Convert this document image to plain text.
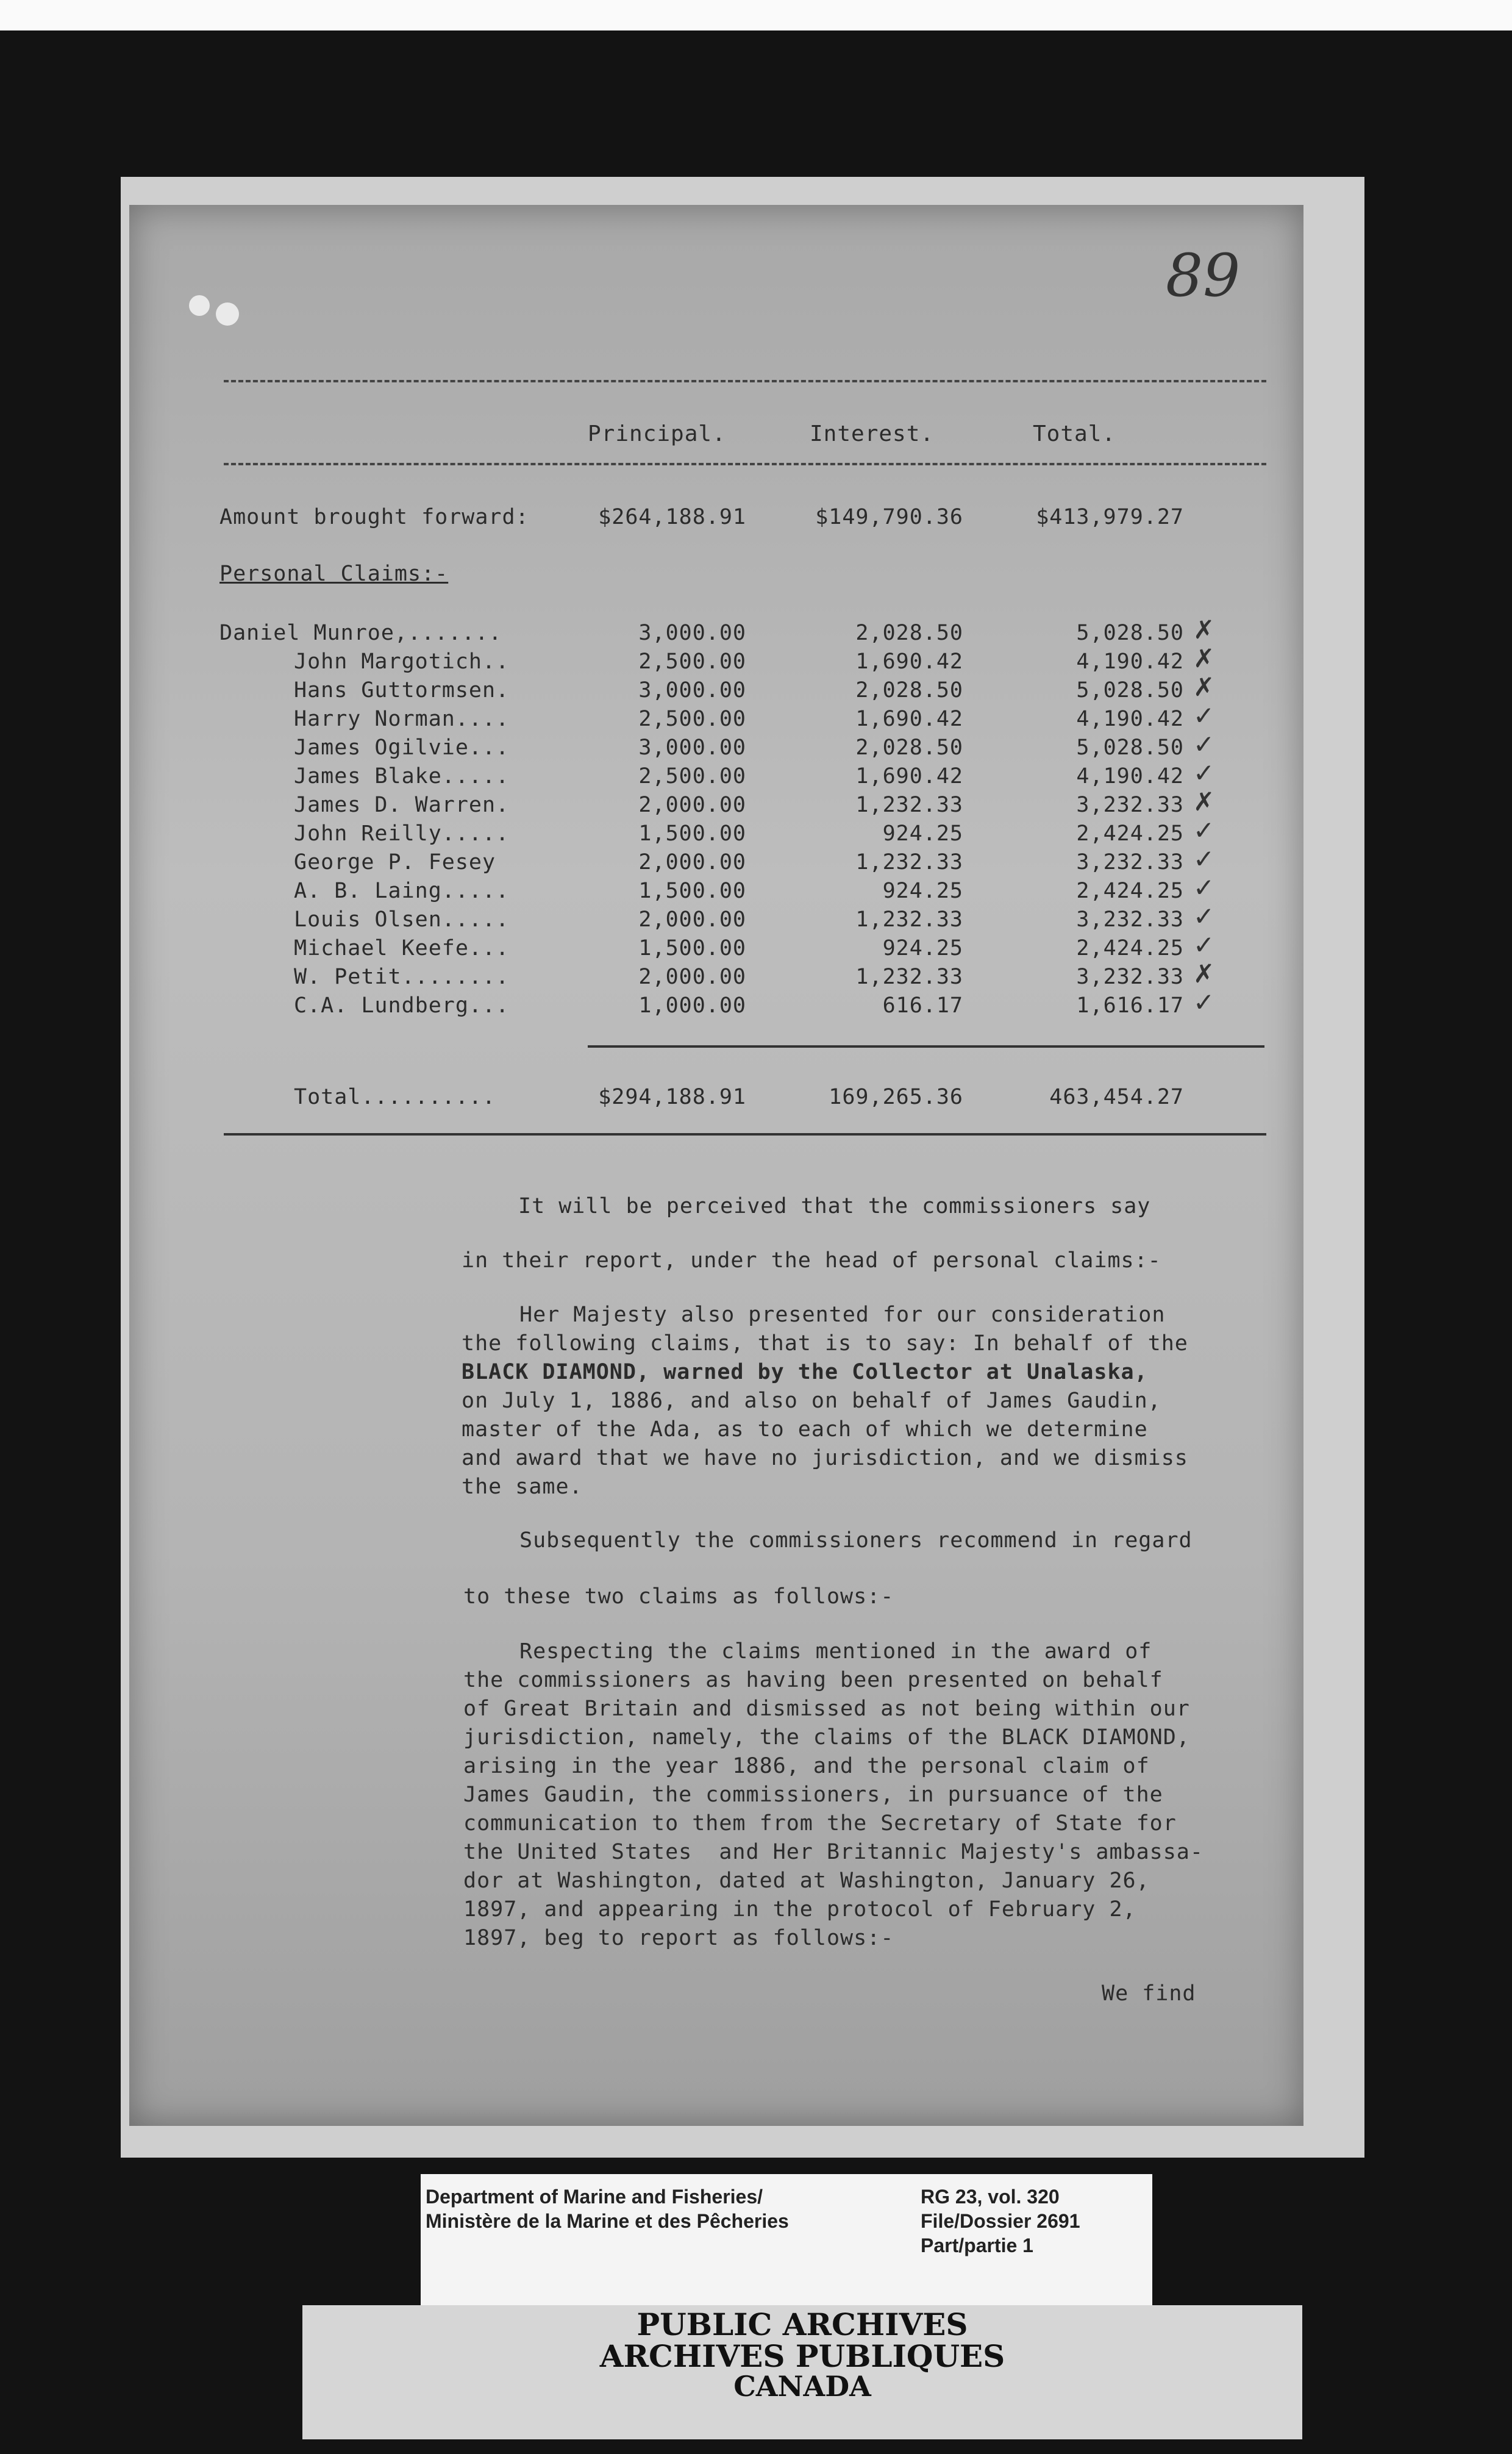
89
Principal.	Interest.	Total.
Amount brought forward:	$264,188.91	$149,790.36	$413,979.27
Personal Claims:-
Daniel Munroe,.......	3,000.00	2,028.50	5,028.50 ✗
John Margotich..	2,500.00	1,690.42	4,190.42 ✗
Hans Guttormsen.	3,000.00	2,028.50	5,028.50 ✗
Harry Norman....	2,500.00	1,690.42	4,190.42 ✓
James Ogilvie...	3,000.00	2,028.50	5,028.50 ✓
James Blake.....	2,500.00	1,690.42	4,190.42 ✓
James D. Warren.	2,000.00	1,232.33	3,232.33 ✗
John Reilly.....	1,500.00	924.25	2,424.25 ✓
George P. Fesey	2,000.00	1,232.33	3,232.33 ✓
A. B. Laing.....	1,500.00	924.25	2,424.25 ✓
Louis Olsen.....	2,000.00	1,232.33	3,232.33 ✓
Michael Keefe...	1,500.00	924.25	2,424.25 ✓
W. Petit........	2,000.00	1,232.33	3,232.33 ✗
C.A. Lundberg...	1,000.00	616.17	1,616.17 ✓
Total..........	$294,188.91	169,265.36	463,454.27
It will be perceived that the commissioners say
in their report, under the head of personal claims:-
Her Majesty also presented for our consideration
the following claims, that is to say: In behalf of the
BLACK DIAMOND, warned by the Collector at Unalaska,
on July 1, 1886, and also on behalf of James Gaudin,
master of the Ada, as to each of which we determine
and award that we have no jurisdiction, and we dismiss
the same.
Subsequently the commissioners recommend in regard
to these two claims as follows:-
Respecting the claims mentioned in the award of
the commissioners as having been presented on behalf
of Great Britain and dismissed as not being within our
jurisdiction, namely, the claims of the BLACK DIAMOND,
arising in the year 1886, and the personal claim of
James Gaudin, the commissioners, in pursuance of the
communication to them from the Secretary of State for
the United States  and Her Britannic Majesty's ambassa-
dor at Washington, dated at Washington, January 26,
1897, and appearing in the protocol of February 2,
1897, beg to report as follows:-
We find
Department of Marine and Fisheries/
Ministère de la Marine et des Pêcheries
RG 23, vol. 320
File/Dossier 2691
Part/partie 1
PUBLIC ARCHIVES
ARCHIVES PUBLIQUES
CANADA
